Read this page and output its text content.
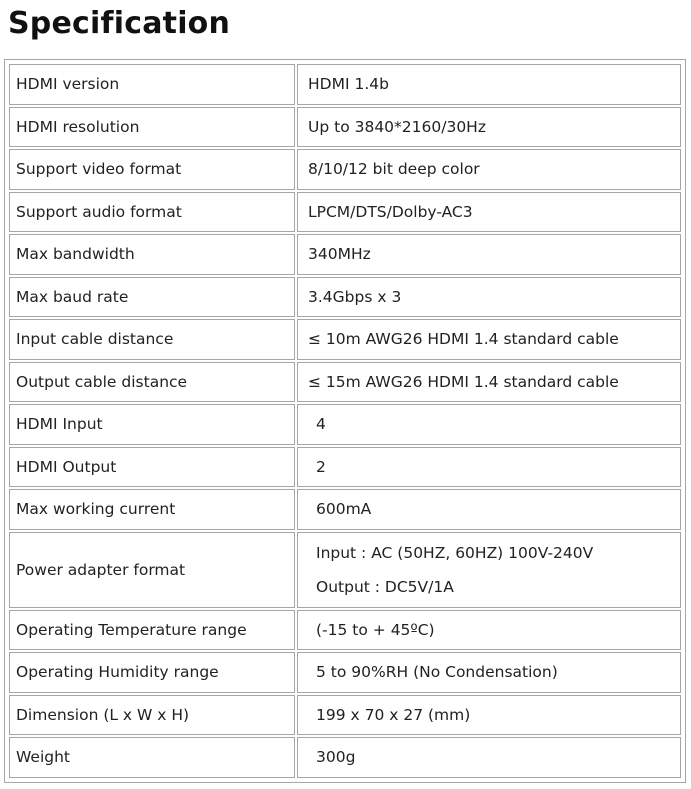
Specification
HDMI version	HDMI 1.4b
HDMI resolution	Up to 3840*2160/30Hz
Support video format	8/10/12 bit deep color
Support audio format	LPCM/DTS/Dolby-AC3
Max bandwidth	340MHz
Max baud rate	3.4Gbps x 3
Input cable distance	≤ 10m AWG26 HDMI 1.4 standard cable
Output cable distance	≤ 15m AWG26 HDMI 1.4 standard cable
HDMI Input	4
HDMI Output	2
Max working current	600mA
Power adapter format	Input : AC (50HZ, 60HZ) 100V-240V
Output : DC5V/1A

Operating Temperature range	(-15 to + 45ºC)
Operating Humidity range	5 to 90%RH (No Condensation)
Dimension (L x W x H)	199 x 70 x 27 (mm)
Weight	300g
